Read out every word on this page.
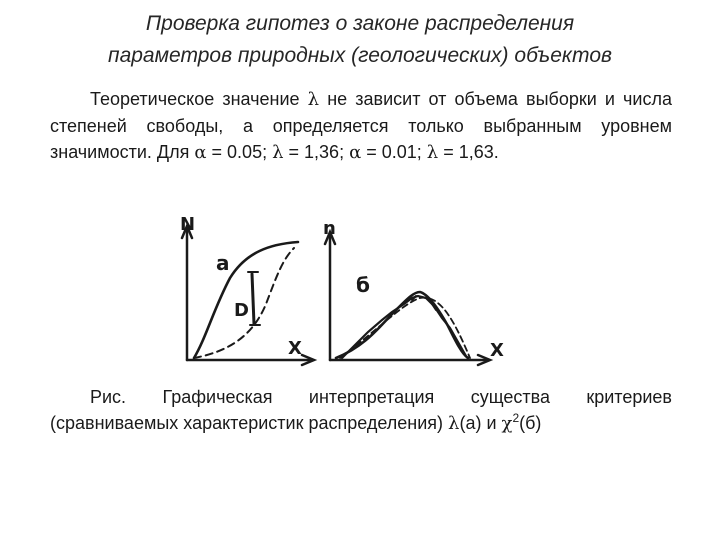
Проверка гипотез о законе распределения
параметров природных (геологических) объектов
Теоретическое значение λ не зависит от объема выборки и числа степеней свободы, а определяется только выбранным уровнем значимости. Для α = 0.05; λ = 1,36; α = 0.01; λ = 1,63.
N
X
a
D
n
X
б
Рис. Графическая интерпретация существа критериев (сравниваемых характеристик распределения) λ(а) и $\chi^2(б)$
